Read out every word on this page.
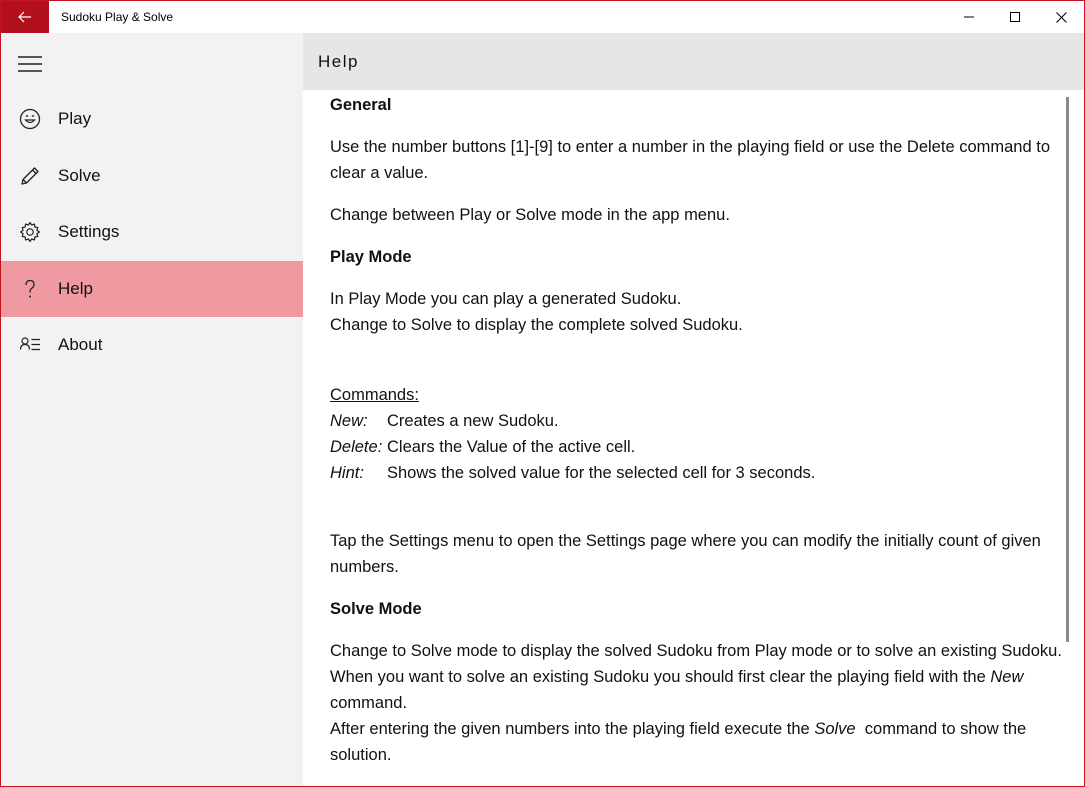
Sudoku Play & Solve
Play
Solve
Settings
Help
About
Help
General

Use the number buttons [1]-[9] to enter a number in the playing field or use the Delete command to clear a value.

Change between Play or Solve mode in the app menu.

Play Mode

In Play Mode you can play a generated Sudoku.

Change to Solve to display the complete solved Sudoku.

Commands:

New:	Creates a new Sudoku.
Delete: Clears the Value of the active cell.
Hint:	Shows the solved value for the selected cell for 3 seconds.

Tap the Settings menu to open the Settings page where you can modify the initially count of given numbers.

Solve Mode

Change to Solve mode to display the solved Sudoku from Play mode or to solve an existing Sudoku.

When you want to solve an existing Sudoku you should first clear the playing field with the New command.

After entering the given numbers into the playing field execute the Solve  command to show the solution.
